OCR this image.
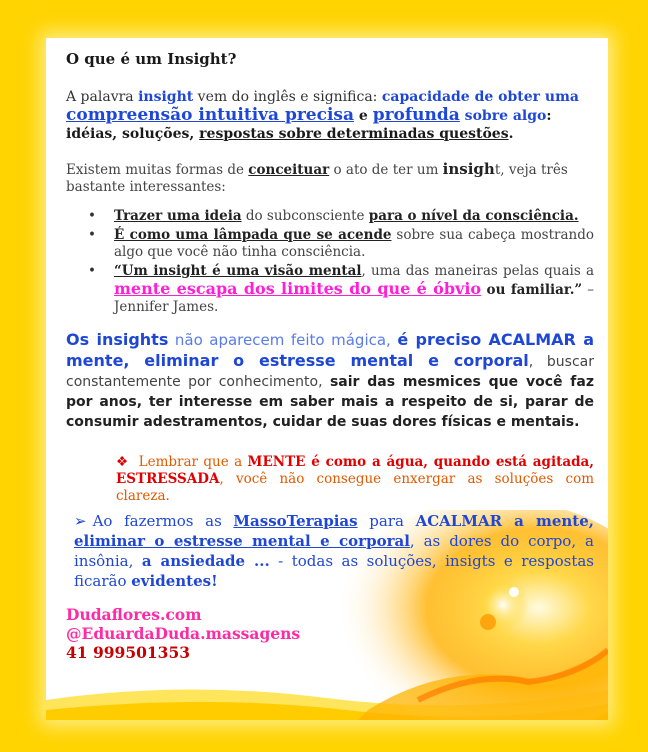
O que é um Insight?

A palavra insight vem do inglês e significa: capacidade de obter uma compreensão intuitiva precisa e profunda sobre algo: idéias, soluções, respostas sobre determinadas questões.

Existem muitas formas de conceituar o ato de ter um insight, veja três bastante interessantes:

• Trazer uma ideia do subconsciente para o nível da consciência.
• É como uma lâmpada que se acende sobre sua cabeça mostrando algo que você não tinha consciência.
• “Um insight é uma visão mental, uma das maneiras pelas quais a mente escapa dos limites do que é óbvio ou familiar.” – Jennifer James.

Os insights não aparecem feito mágica, é preciso ACALMAR a mente, eliminar o estresse mental e corporal, buscar constantemente por conhecimento, sair das mesmices que você faz por anos, ter interesse em saber mais a respeito de si, parar de consumir adestramentos, cuidar de suas dores físicas e mentais.

❖ Lembrar que a MENTE é como a água, quando está agitada, ESTRESSADA, você não consegue enxergar as soluções com clareza.

➢ Ao fazermos as MassoTerapias para ACALMAR a mente, eliminar o estresse mental e corporal, as dores do corpo, a insônia, a ansiedade ... - todas as soluções, insigts e respostas ficarão evidentes!

Dudaflores.com
@EduardaDuda.massagens
41 999501353
